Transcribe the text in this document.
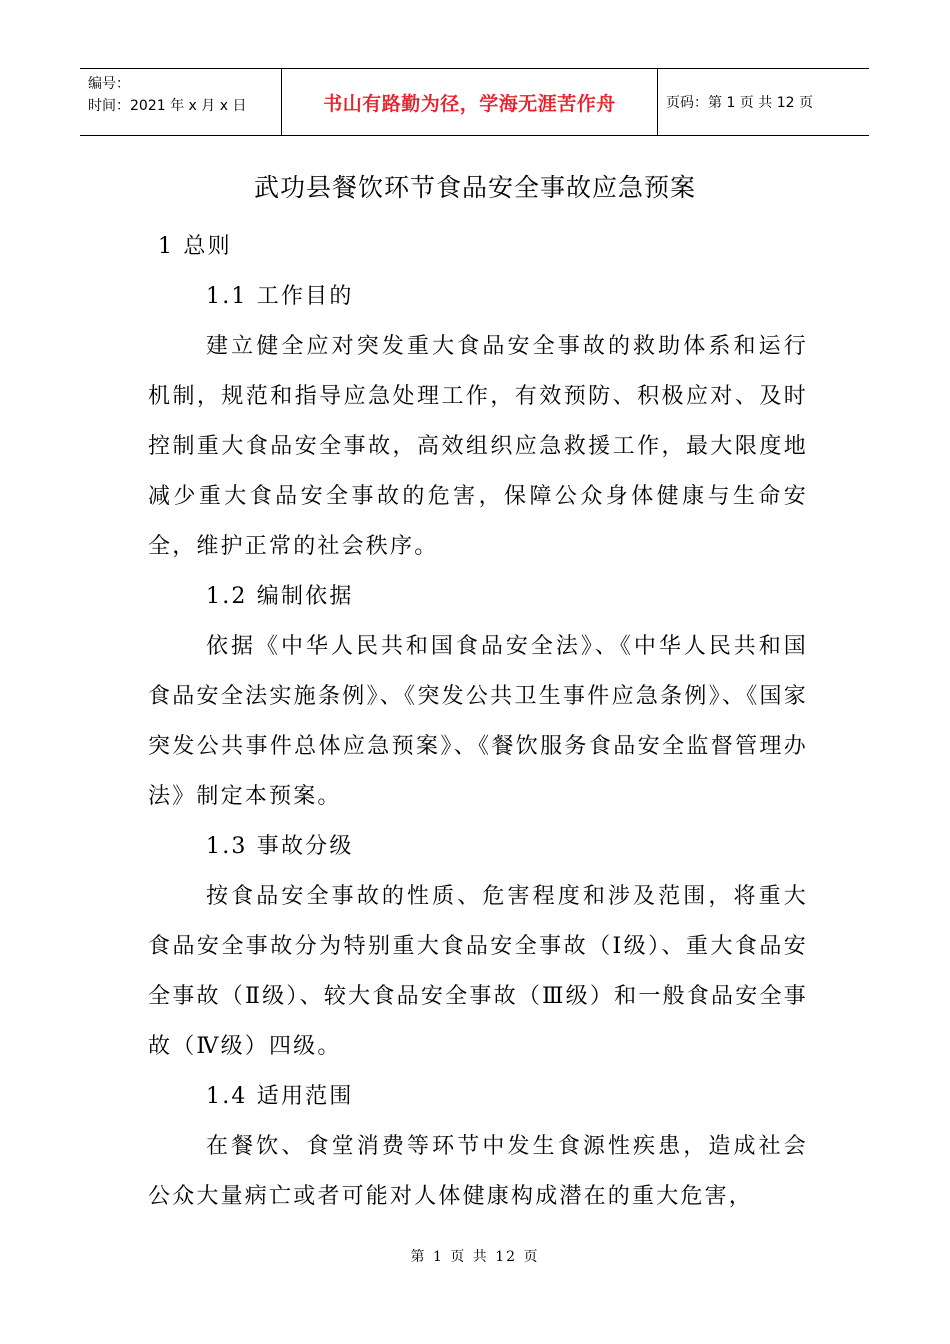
编号：
时间：2021 年 x 月 x 日	书山有路勤为径，学海无涯苦作舟	页码：第 1 页 共 12 页
武功县餐饮环节食品安全事故应急预案

1 总则

1.1 工作目的

建立健全应对突发重大食品安全事故的救助体系和运行机制，规范和指导应急处理工作，有效预防、积极应对、及时控制重大食品安全事故，高效组织应急救援工作，最大限度地减少重大食品安全事故的危害，保障公众身体健康与生命安全，维护正常的社会秩序。

1.2 编制依据

依据《中华人民共和国食品安全法》、《中华人民共和国食品安全法实施条例》、《突发公共卫生事件应急条例》、《国家突发公共事件总体应急预案》、《餐饮服务食品安全监督管理办法》制定本预案。

1.3 事故分级

按食品安全事故的性质、危害程度和涉及范围，将重大食品安全事故分为特别重大食品安全事故（Ⅰ级）、重大食品安全事故（Ⅱ级）、较大食品安全事故（Ⅲ级）和一般食品安全事故（Ⅳ级）四级。

1.4 适用范围

在餐饮、食堂消费等环节中发生食源性疾患，造成社会公众大量病亡或者可能对人体健康构成潜在的重大危害，

第 1 页 共 12 页
